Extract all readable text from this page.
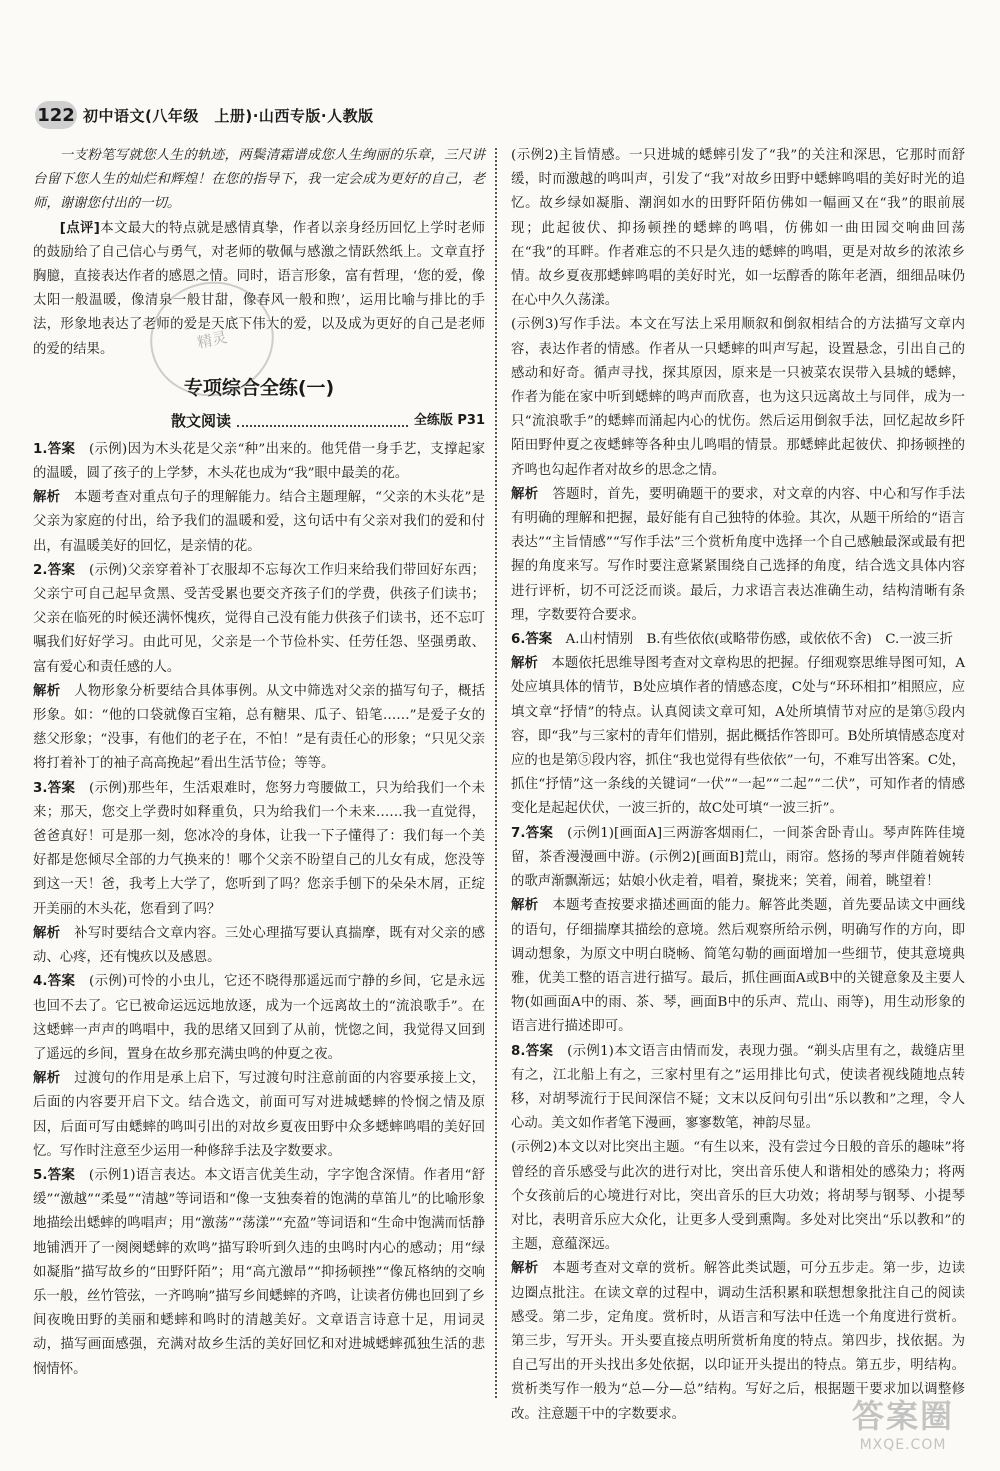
122 初中语文(八年级　上册)·山西专版·人教版

一支粉笔写就您人生的轨迹，两鬓清霜谱成您人生绚丽的乐章，三尺讲台留下您人生的灿烂和辉煌！在您的指导下，我一定会成为更好的自己，老师，谢谢您付出的一切。

[点评]本文最大的特点就是感情真挚，作者以亲身经历回忆上学时老师的鼓励给了自己信心与勇气，对老师的敬佩与感激之情跃然纸上。文章直抒胸臆，直接表达作者的感恩之情。同时，语言形象，富有哲理，‘您的爱，像太阳一般温暖，像清泉一般甘甜，像春风一般和煦’，运用比喻与排比的手法，形象地表达了老师的爱是天底下伟大的爱，以及成为更好的自己是老师的爱的结果。

专项综合全练(一)
散文阅读	全练版 P31

1.答案　 (示例)因为木头花是父亲“种”出来的。他凭借一身手艺，支撑起家的温暖，圆了孩子的上学梦，木头花也成为“我”眼中最美的花。

解析　 本题考查对重点句子的理解能力。结合主题理解，“父亲的木头花”是父亲为家庭的付出，给予我们的温暖和爱，这句话中有父亲对我们的爱和付出，有温暖美好的回忆，是亲情的花。

2.答案　 (示例)父亲穿着补丁衣服却不忘每次工作归来给我们带回好东西；父亲宁可自己起早贪黑、受苦受累也要交齐孩子们的学费，供孩子们读书；父亲在临死的时候还满怀愧疚，觉得自己没有能力供孩子们读书，还不忘叮嘱我们好好学习。由此可见，父亲是一个节俭朴实、任劳任怨、坚强勇敢、富有爱心和责任感的人。

解析　 人物形象分析要结合具体事例。从文中筛选对父亲的描写句子，概括形象。如：“他的口袋就像百宝箱，总有糖果、瓜子、铅笔……”是爱子女的慈父形象；“没事，有他们的老子在，不怕！”是有责任心的形象；“只见父亲将打着补丁的袖子高高挽起”看出生活节俭；等等。

3.答案　 (示例)那些年，生活艰难时，您努力弯腰做工，只为给我们一个未来；那天，您交上学费时如释重负，只为给我们一个未来……我一直觉得，爸爸真好！可是那一刻，您冰冷的身体，让我一下子懂得了：我们每一个美好都是您倾尽全部的力气换来的！哪个父亲不盼望自己的儿女有成，您没等到这一天！爸，我考上大学了，您听到了吗？您亲手刨下的朵朵木屑，正绽开美丽的木头花，您看到了吗？

解析　 补写时要结合文章内容。三处心理描写要认真揣摩，既有对父亲的感动、心疼，还有愧疚以及感恩。

4.答案　 (示例)可怜的小虫儿，它还不晓得那遥远而宁静的乡间，它是永远也回不去了。它已被命运远远地放逐，成为一个远离故土的“流浪歌手”。在这蟋蟀一声声的鸣唱中，我的思绪又回到了从前，恍惚之间，我觉得又回到了遥远的乡间，置身在故乡那充满虫鸣的仲夏之夜。

解析　 过渡句的作用是承上启下，写过渡句时注意前面的内容要承接上文，后面的内容要开启下文。结合选文，前面可写对进城蟋蟀的怜悯之情及原因，后面可写由蟋蟀的鸣叫引出的对故乡夏夜田野中众多蟋蟀鸣唱的美好回忆。写作时注意至少运用一种修辞手法及字数要求。

5.答案　 (示例1)语言表达。本文语言优美生动，字字饱含深情。作者用“舒缓”“激越”“柔曼”“清越”等词语和“像一支独奏着的饱满的草笛儿”的比喻形象地描绘出蟋蟀的鸣唱声；用“激荡”“荡漾”“充盈”等词语和“生命中饱满而恬静地铺洒开了一阕阕蟋蟀的欢鸣”描写聆听到久违的虫鸣时内心的感动；用“绿如凝脂”描写故乡的“田野阡陌”；用“高亢激昂”“抑扬顿挫”“像瓦格纳的交响乐一般，丝竹管弦，一齐鸣响”描写乡间蟋蟀的齐鸣，让读者仿佛也回到了乡间夜晚田野的美丽和蟋蟀和鸣时的清越美好。文章语言诗意十足，用词灵动，描写画面感强，充满对故乡生活的美好回忆和对进城蟋蟀孤独生活的悲悯情怀。

精灵

(示例2)主旨情感。一只进城的蟋蟀引发了“我”的关注和深思，它那时而舒缓，时而激越的鸣叫声，引发了“我”对故乡田野中蟋蟀鸣唱的美好时光的追忆。故乡绿如凝脂、潮润如水的田野阡陌仿佛如一幅画又在“我”的眼前展现；此起彼伏、抑扬顿挫的蟋蟀的鸣唱，仿佛如一曲田园交响曲回荡在“我”的耳畔。作者难忘的不只是久违的蟋蟀的鸣唱，更是对故乡的浓浓乡情。故乡夏夜那蟋蟀鸣唱的美好时光，如一坛醇香的陈年老酒，细细品味仍在心中久久荡漾。

(示例3)写作手法。本文在写法上采用顺叙和倒叙相结合的方法描写文章内容，表达作者的情感。作者从一只蟋蟀的叫声写起，设置悬念，引出自己的感动和好奇。循声寻找，探其原因，原来是一只被菜农误带入县城的蟋蟀，作者为能在家中听到蟋蟀的鸣声而欣喜，也为这只远离故土与同伴，成为一只“流浪歌手”的蟋蟀而涌起内心的忧伤。然后运用倒叙手法，回忆起故乡阡陌田野仲夏之夜蟋蟀等各种虫儿鸣唱的情景。那蟋蟀此起彼伏、抑扬顿挫的齐鸣也勾起作者对故乡的思念之情。

解析　 答题时，首先，要明确题干的要求，对文章的内容、中心和写作手法有明确的理解和把握，最好能有自己独特的体验。其次，从题干所给的“语言表达”“主旨情感”“写作手法”三个赏析角度中选择一个自己感触最深或最有把握的角度来写。写作时要注意紧紧围绕自己选择的角度，结合选文具体内容进行评析，切不可泛泛而谈。最后，力求语言表达准确生动，结构清晰有条理，字数要符合要求。

6.答案　 A.山村情别　B.有些依依(或略带伤感，或依依不舍)　C.一波三折

解析　 本题依托思维导图考查对文章构思的把握。仔细观察思维导图可知，A处应填具体的情节，B处应填作者的情感态度，C处与“环环相扣”相照应，应填文章“抒情”的特点。认真阅读文章可知，A处所填情节对应的是第⑤段内容，即“我”与三家村的青年们惜别，据此概括作答即可。B处所填情感态度对应的也是第⑤段内容，抓住“我也觉得有些依依”一句，不难写出答案。C处，抓住“抒情”这一条线的关键词“一伏”“一起”“二起”“二伏”，可知作者的情感变化是起起伏伏，一波三折的，故C处可填“一波三折”。

7.答案　 (示例1)[画面A]三两游客烟雨仁，一间茶舍卧青山。琴声阵阵佳境留，茶香漫漫画中游。(示例2)[画面B]荒山，雨帘。悠扬的琴声伴随着婉转的歌声渐飘渐远；姑娘小伙走着，唱着，聚拢来；笑着，闹着，眺望着！

解析　 本题考查按要求描述画面的能力。解答此类题，首先要品读文中画线的语句，仔细揣摩其描绘的意境。然后观察所给示例，明确写作的方向，即调动想象，为原文中明白晓畅、简笔勾勒的画面增加一些细节，使其意境典雅，优美工整的语言进行描写。最后，抓住画面A或B中的关键意象及主要人物(如画面A中的雨、茶、琴，画面B中的乐声、荒山、雨等)，用生动形象的语言进行描述即可。

8.答案　 (示例1)本文语言由情而发，表现力强。“剃头店里有之，裁缝店里有之，江北船上有之，三家村里有之”运用排比句式，使读者视线随地点转移，对胡琴流行于民间深信不疑；文末以反问句引出“乐以教和”之理，令人心动。美文如作者笔下漫画，寥寥数笔，神韵尽显。

(示例2)本文以对比突出主题。“有生以来，没有尝过今日般的音乐的趣味”将曾经的音乐感受与此次的进行对比，突出音乐使人和谐相处的感染力；将两个女孩前后的心境进行对比，突出音乐的巨大功效；将胡琴与钢琴、小提琴对比，表明音乐应大众化，让更多人受到熏陶。多处对比突出“乐以教和”的主题，意蕴深远。

解析　 本题考查对文章的赏析。解答此类试题，可分五步走。第一步，边读边圈点批注。在读文章的过程中，调动生活积累和联想想象批注自己的阅读感受。第二步，定角度。赏析时，从语言和写法中任选一个角度进行赏析。第三步，写开头。开头要直接点明所赏析角度的特点。第四步，找依据。为自己写出的开头找出多处依据，以印证开头提出的特点。第五步，明结构。赏析类写作一般为“总—分—总”结构。写好之后，根据题干要求加以调整修改。注意题干中的字数要求。	答案圈
MXQE.COM
